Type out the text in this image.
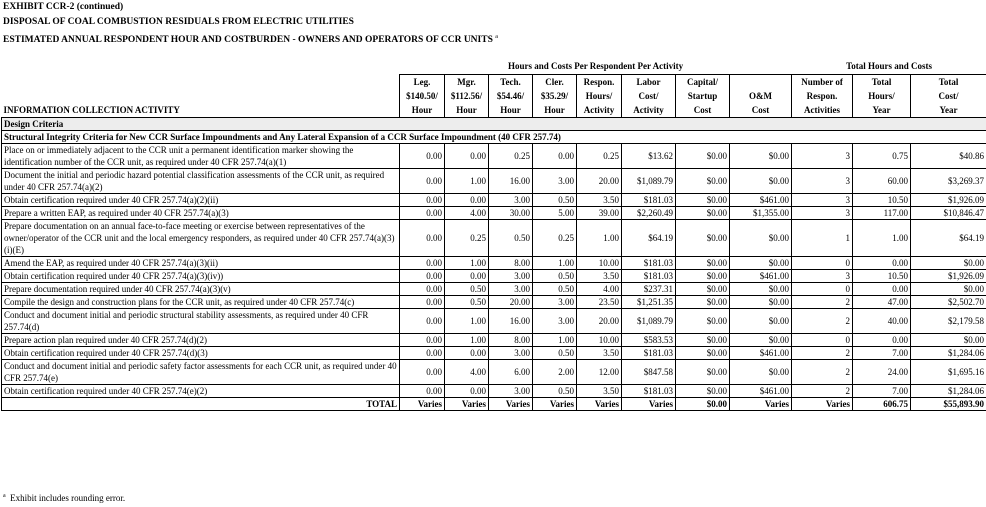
EXHIBIT CCR-2 (continued)
DISPOSAL OF COAL COMBUSTION RESIDUALS FROM ELECTRIC UTILITIES
ESTIMATED ANNUAL RESPONDENT HOUR AND COSTBURDEN - OWNERS AND OPERATORS OF CCR UNITS $^a$
	Hours and Costs Per Respondent Per Activity								Total Hours and Costs		
	Leg.	Mgr.	Tech.	Cler.	Respon.	Labor	Capital/		Number of	Total	Total
	$140.50/	$112.56/	$54.46/	$35.29/	Hours/	Cost/	Startup	O&M	Respon.	Hours/	Cost/
INFORMATION COLLECTION ACTIVITY	Hour	Hour	Hour	Hour	Activity	Activity	Cost	Cost	Activities	Year	Year
Design Criteria											
Structural Integrity Criteria for New CCR Surface Impoundments and Any Lateral Expansion of a CCR Surface Impoundment (40 CFR 257.74)											
Place on or immediately adjacent to the CCR unit a permanent identification marker showing the identification number of the CCR unit, as required under 40 CFR 257.74(a)(1)	0.00	0.00	0.25	0.00	0.25	$13.62	$0.00	$0.00	3	0.75	$40.86
Document the initial and periodic hazard potential classification assessments of the CCR unit, as required under 40 CFR 257.74(a)(2)	0.00	1.00	16.00	3.00	20.00	$1,089.79	$0.00	$0.00	3	60.00	$3,269.37
Obtain certification required under 40 CFR 257.74(a)(2)(ii)	0.00	0.00	3.00	0.50	3.50	$181.03	$0.00	$461.00	3	10.50	$1,926.09
Prepare a written EAP, as required under 40 CFR 257.74(a)(3)	0.00	4.00	30.00	5.00	39.00	$2,260.49	$0.00	$1,355.00	3	117.00	$10,846.47
Prepare documentation on an annual face-to-face meeting or exercise between representatives of the owner/operator of the CCR unit and the local emergency responders, as required under 40 CFR 257.74(a)(3)(i)(E)	0.00	0.25	0.50	0.25	1.00	$64.19	$0.00	$0.00	1	1.00	$64.19
Amend the EAP, as required under 40 CFR 257.74(a)(3)(ii)	0.00	1.00	8.00	1.00	10.00	$181.03	$0.00	$0.00	0	0.00	$0.00
Obtain certification required under 40 CFR 257.74(a)(3)(iv))	0.00	0.00	3.00	0.50	3.50	$181.03	$0.00	$461.00	3	10.50	$1,926.09
Prepare documentation required under 40 CFR 257.74(a)(3)(v)	0.00	0.50	3.00	0.50	4.00	$237.31	$0.00	$0.00	0	0.00	$0.00
Compile the design and construction plans for the CCR unit, as required under 40 CFR 257.74(c)	0.00	0.50	20.00	3.00	23.50	$1,251.35	$0.00	$0.00	2	47.00	$2,502.70
Conduct and document initial and periodic structural stability assessments, as required under 40 CFR 257.74(d)	0.00	1.00	16.00	3.00	20.00	$1,089.79	$0.00	$0.00	2	40.00	$2,179.58
Prepare action plan required under 40 CFR 257.74(d)(2)	0.00	1.00	8.00	1.00	10.00	$583.53	$0.00	$0.00	0	0.00	$0.00
Obtain certification required under 40 CFR 257.74(d)(3)	0.00	0.00	3.00	0.50	3.50	$181.03	$0.00	$461.00	2	7.00	$1,284.06
Conduct and document initial and periodic safety factor assessments for each CCR unit, as required under 40 CFR 257.74(e)	0.00	4.00	6.00	2.00	12.00	$847.58	$0.00	$0.00	2	24.00	$1,695.16
Obtain certification required under 40 CFR 257.74(e)(2)	0.00	0.00	3.00	0.50	3.50	$181.03	$0.00	$461.00	2	7.00	$1,284.06
TOTAL	Varies	Varies	Varies	Varies	Varies	Varies	$0.00	Varies	Varies	606.75	$55,893.90
$^a$ Exhibit includes rounding error.
